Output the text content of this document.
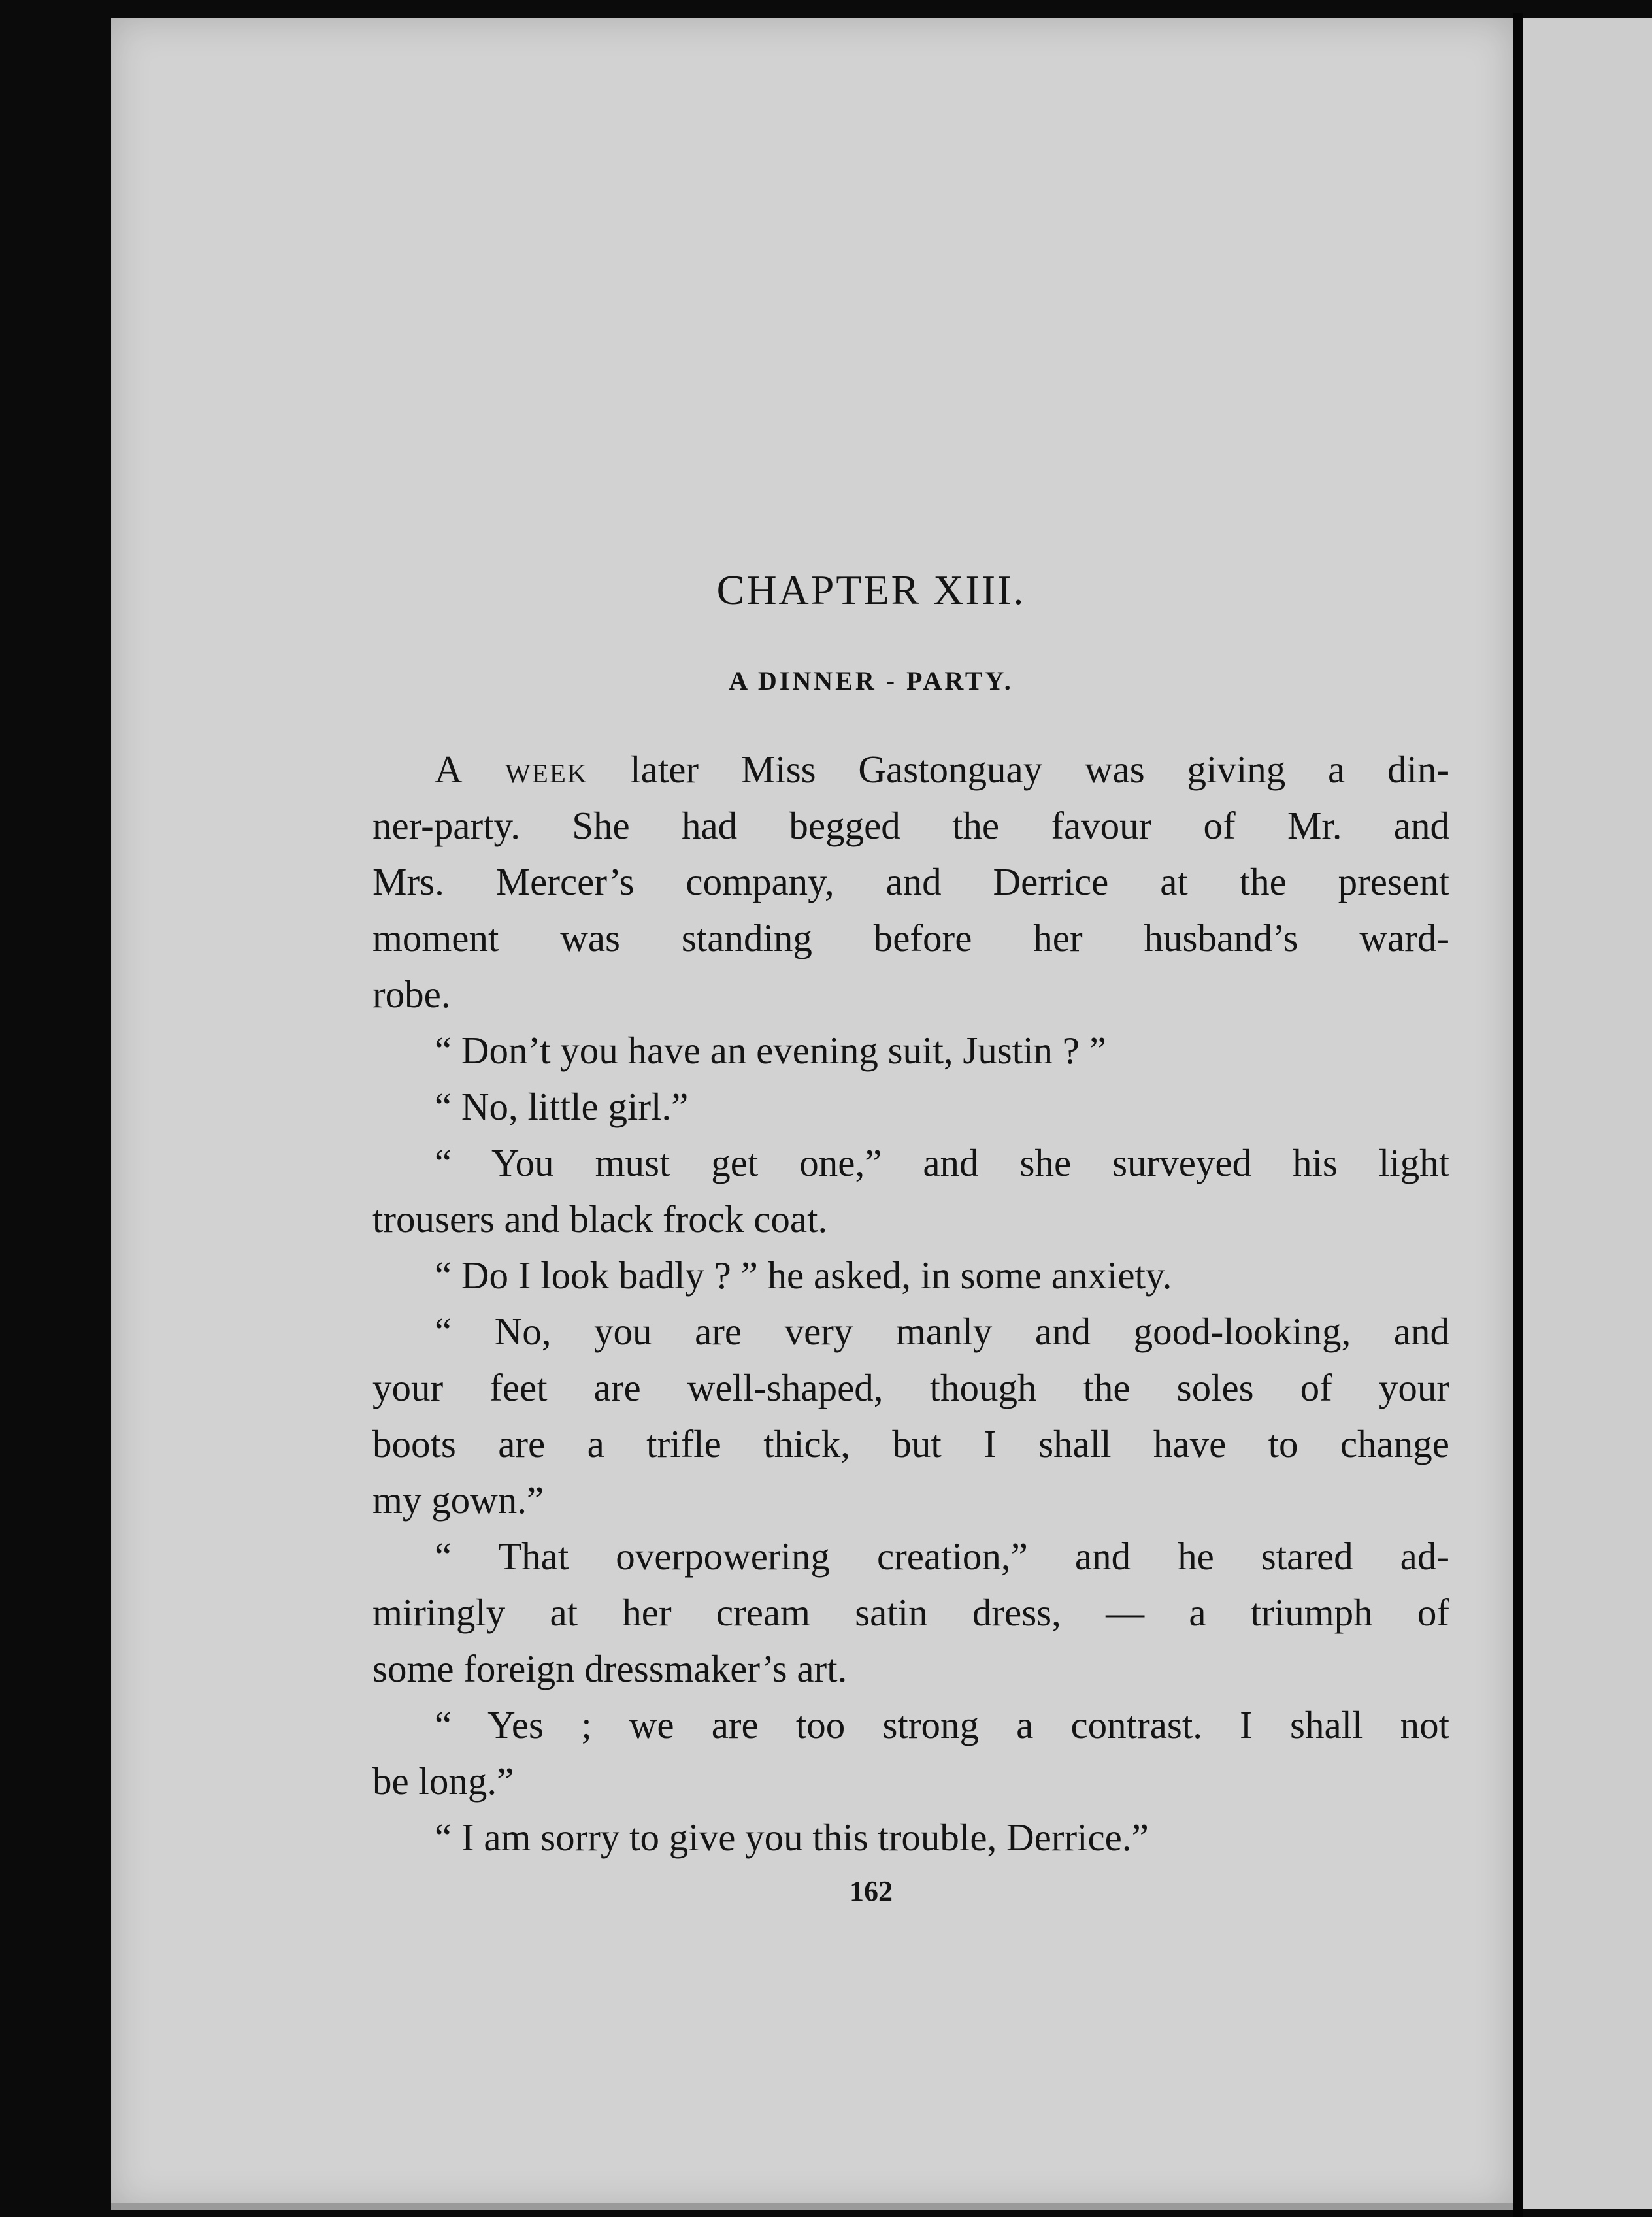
CHAPTER XIII.
A DINNER - PARTY.
A week later Miss Gastonguay was giving a din-
ner-party. She had begged the favour of Mr. and
Mrs. Mercer’s company, and Derrice at the present
moment was standing before her husband’s ward-
robe.
“ Don’t you have an evening suit, Justin ? ”
“ No, little girl.”
“ You must get one,” and she surveyed his light
trousers and black frock coat.
“ Do I look badly ? ” he asked, in some anxiety.
“ No, you are very manly and good-looking, and
your feet are well-shaped, though the soles of your
boots are a trifle thick, but I shall have to change
my gown.”
“ That overpowering creation,” and he stared ad-
miringly at her cream satin dress, — a triumph of
some foreign dressmaker’s art.
“ Yes ; we are too strong a contrast. I shall not
be long.”
“ I am sorry to give you this trouble, Derrice.”
162
